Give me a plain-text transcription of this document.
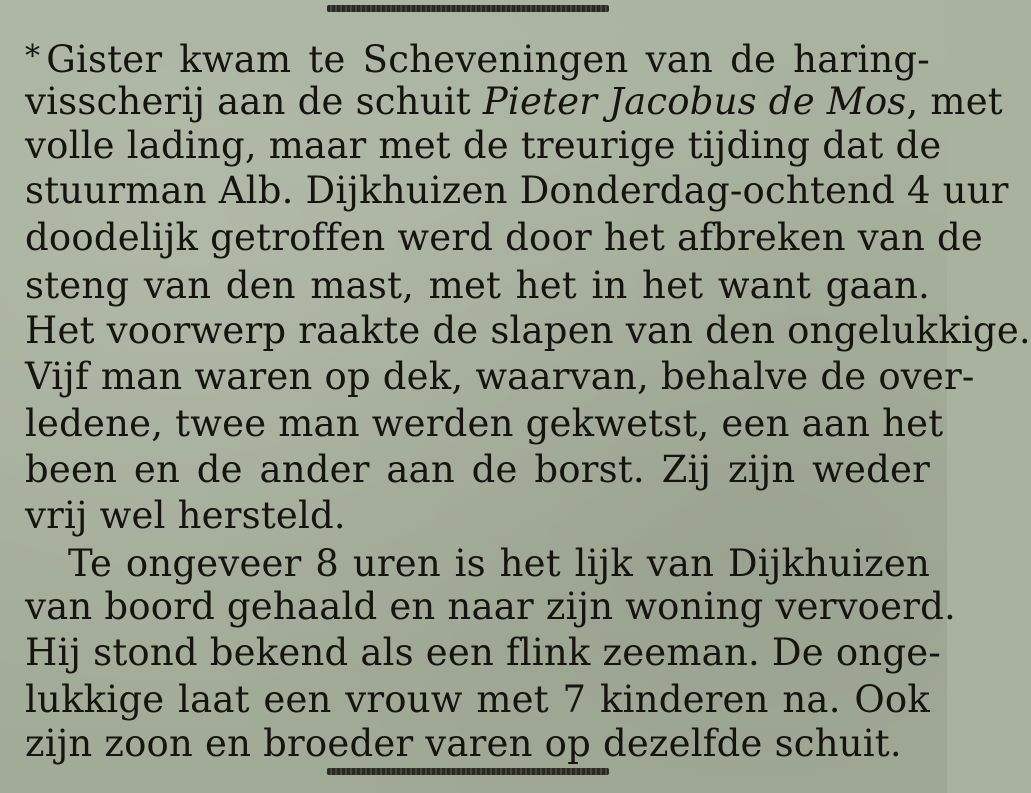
* Gister kwam te Scheveningen van de haring-
visscherij aan de schuit Pieter Jacobus de Mos, met
volle lading, maar met de treurige tijding dat de
stuurman Alb. Dijkhuizen Donderdag-ochtend 4 uur
doodelijk getroffen werd door het afbreken van de
steng van den mast, met het in het want gaan.
Het voorwerp raakte de slapen van den ongelukkige.
Vijf man waren op dek, waarvan, behalve de over-
ledene, twee man werden gekwetst, een aan het
been en de ander aan de borst. Zij zijn weder
vrij wel hersteld.
Te ongeveer 8 uren is het lijk van Dijkhuizen
van boord gehaald en naar zijn woning vervoerd.
Hij stond bekend als een flink zeeman. De onge-
lukkige laat een vrouw met 7 kinderen na. Ook
zijn zoon en broeder varen op dezelfde schuit.
